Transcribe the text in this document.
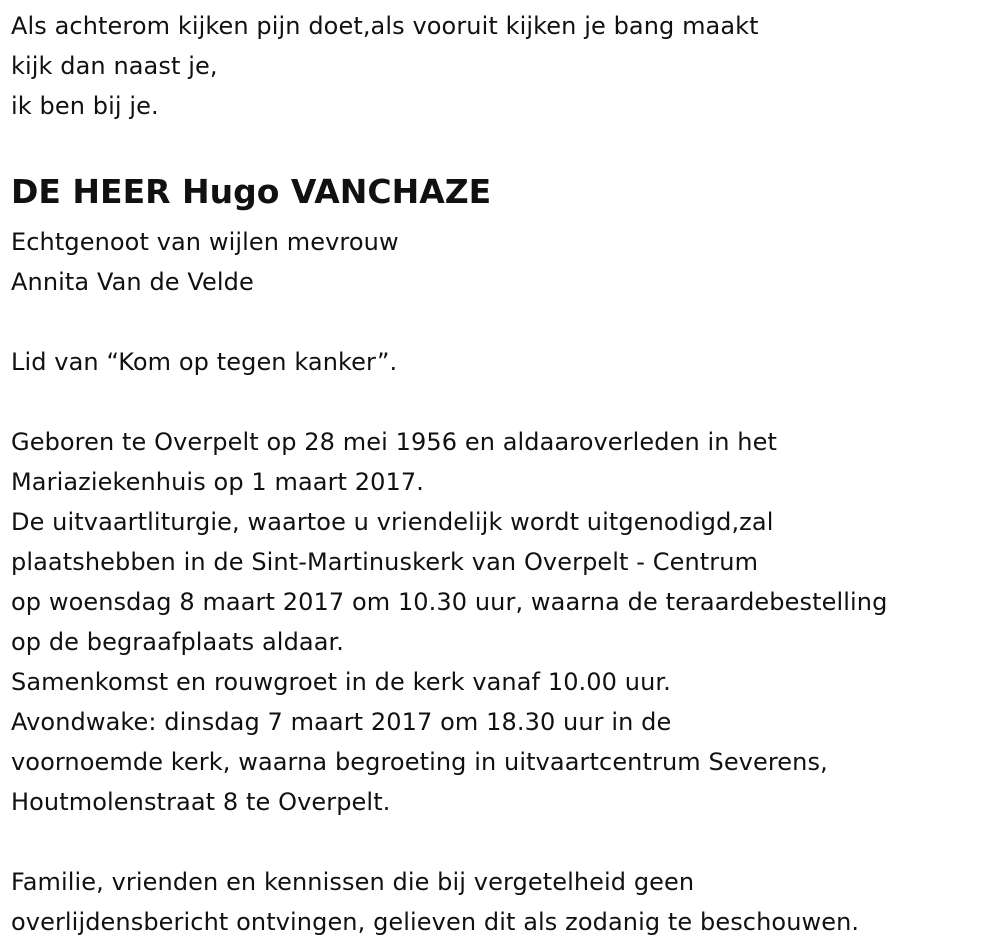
Als achterom kijken pijn doet,als vooruit kijken je bang maakt
kijk dan naast je,
ik ben bij je.
DE HEER Hugo VANCHAZE
Echtgenoot van wijlen mevrouw
Annita Van de Velde
Lid van “Kom op tegen kanker”.
Geboren te Overpelt op 28 mei 1956 en aldaaroverleden in het
Mariaziekenhuis op 1 maart 2017.
De uitvaartliturgie, waartoe u vriendelijk wordt uitgenodigd,zal
plaatshebben in de Sint-Martinuskerk van Overpelt - Centrum
op woensdag 8 maart 2017 om 10.30 uur, waarna de teraardebestelling
op de begraafplaats aldaar.
Samenkomst en rouwgroet in de kerk vanaf 10.00 uur.
Avondwake: dinsdag 7 maart 2017 om 18.30 uur in de
voornoemde kerk, waarna begroeting in uitvaartcentrum Severens,
Houtmolenstraat 8 te Overpelt.
Familie, vrienden en kennissen die bij vergetelheid geen
overlijdensbericht ontvingen, gelieven dit als zodanig te beschouwen.
